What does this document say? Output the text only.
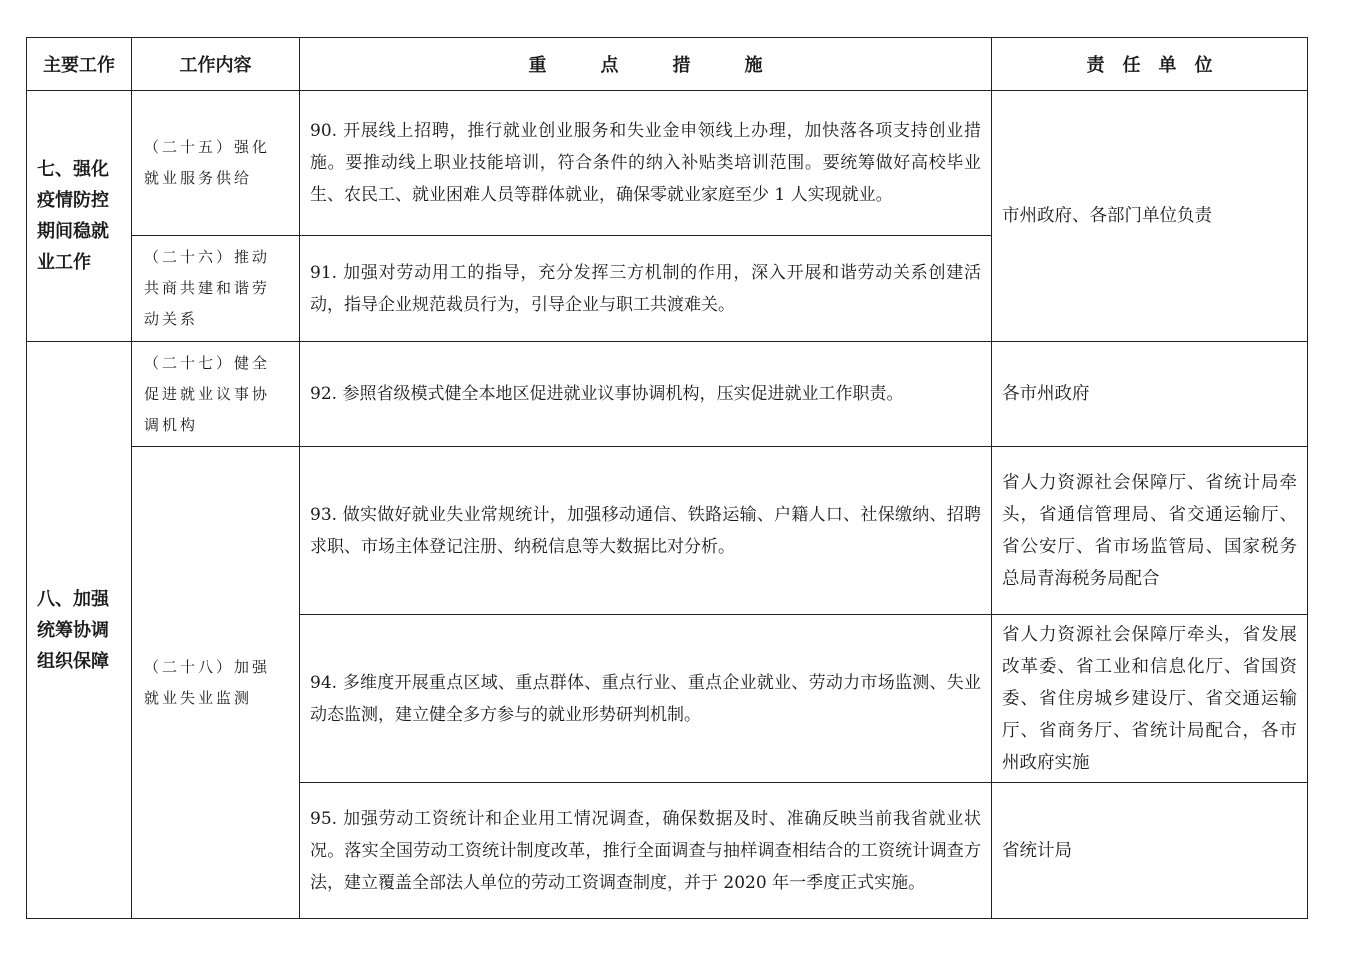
主要工作	工作内容	重　　　点　　　措　　　施	责　任　单　位
七、强化疫情防控期间稳就业工作	（二十五）强化就业服务供给	90. 开展线上招聘，推行就业创业服务和失业金申领线上办理，加快落各项支持创业措施。要推动线上职业技能培训，符合条件的纳入补贴类培训范围。要统筹做好高校毕业生、农民工、就业困难人员等群体就业，确保零就业家庭至少 1 人实现就业。	市州政府、各部门单位负责
	（二十六）推动共商共建和谐劳动关系	91. 加强对劳动用工的指导，充分发挥三方机制的作用，深入开展和谐劳动关系创建活动，指导企业规范裁员行为，引导企业与职工共渡难关。	
八、加强统筹协调组织保障	（二十七）健全促进就业议事协调机构	92. 参照省级模式健全本地区促进就业议事协调机构，压实促进就业工作职责。	各市州政府
	（二十八）加强就业失业监测	93. 做实做好就业失业常规统计，加强移动通信、铁路运输、户籍人口、社保缴纳、招聘求职、市场主体登记注册、纳税信息等大数据比对分析。	省人力资源社会保障厅、省统计局牵头，省通信管理局、省交通运输厅、省公安厅、省市场监管局、国家税务总局青海税务局配合
		94. 多维度开展重点区域、重点群体、重点行业、重点企业就业、劳动力市场监测、失业动态监测，建立健全多方参与的就业形势研判机制。	省人力资源社会保障厅牵头，省发展改革委、省工业和信息化厅、省国资委、省住房城乡建设厅、省交通运输厅、省商务厅、省统计局配合，各市州政府实施
		95. 加强劳动工资统计和企业用工情况调查，确保数据及时、准确反映当前我省就业状况。落实全国劳动工资统计制度改革，推行全面调查与抽样调查相结合的工资统计调查方法，建立覆盖全部法人单位的劳动工资调查制度，并于 2020 年一季度正式实施。	省统计局
